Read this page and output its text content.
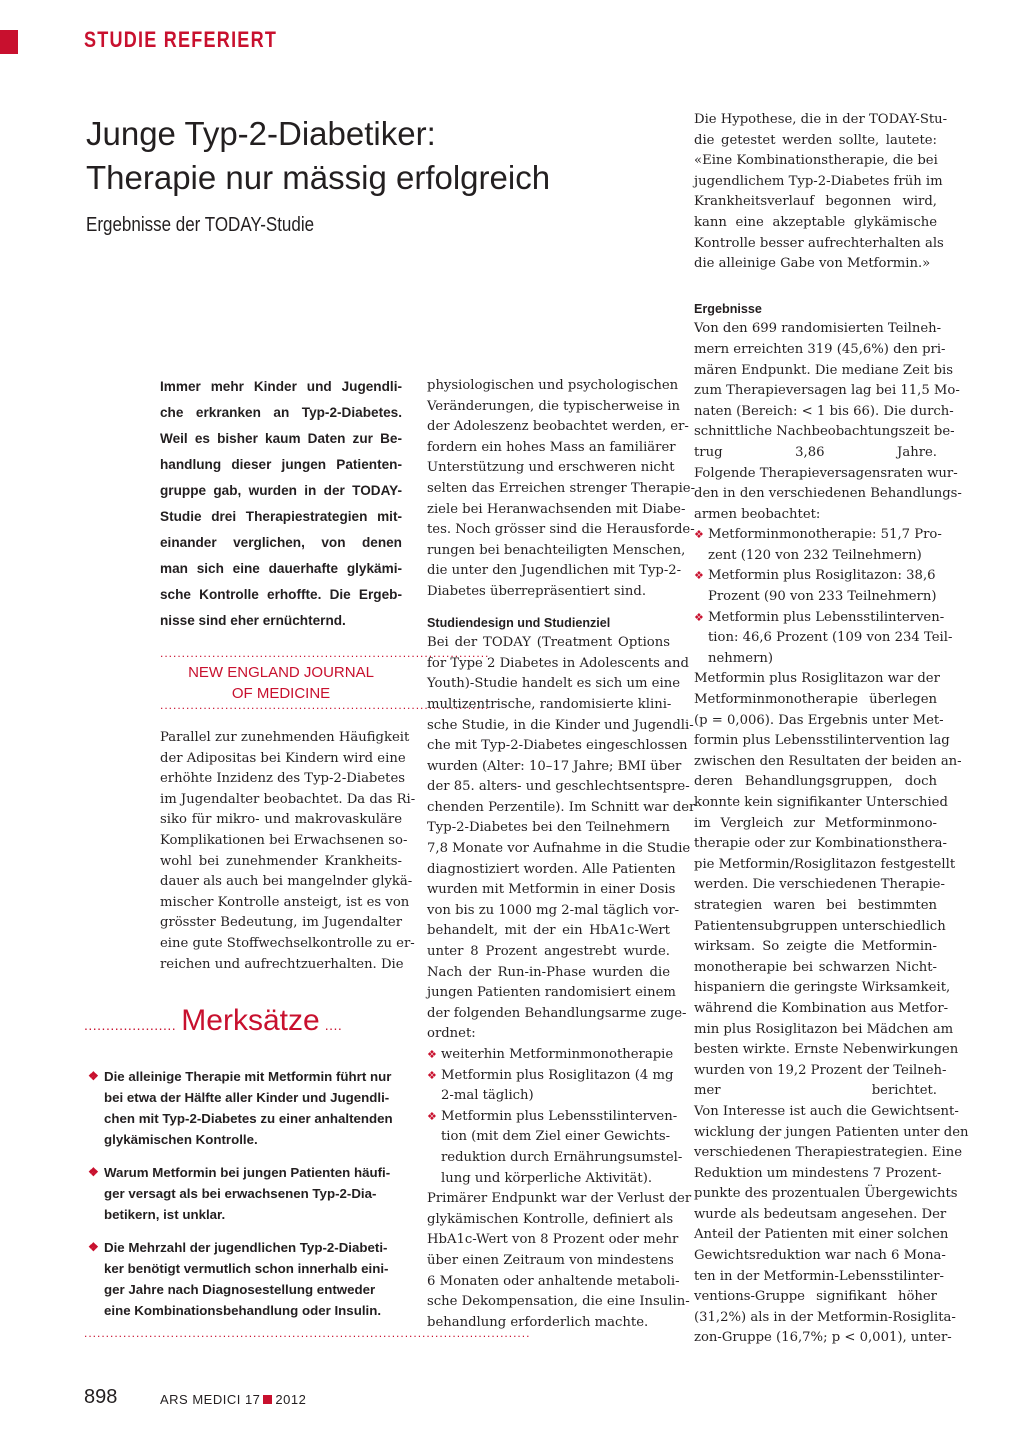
STUDIE REFERIERT
Junge Typ-2-Diabetiker:
Therapie nur mässig erfolgreich
Ergebnisse der TODAY-Studie
Immer mehr Kinder und Jugendli-
che erkranken an Typ-2-Diabetes.
Weil es bisher kaum Daten zur Be-
handlung dieser jungen Patienten-
gruppe gab, wurden in der TODAY-
Studie drei Therapiestrategien mit-
einander verglichen, von denen
man sich eine dauerhafte glykämi-
sche Kontrolle erhoffte. Die Ergeb-
nisse sind eher ernüchternd.
............................................................................
NEW ENGLAND JOURNAL
OF MEDICINE
............................................................................
Parallel zur zunehmenden Häufigkeit
der Adipositas bei Kindern wird eine
erhöhte Inzidenz des Typ-2-Diabetes
im Jugendalter beobachtet. Da das Ri-
siko für mikro- und makrovaskuläre
Komplikationen bei Erwachsenen so-
wohl bei zunehmender Krankheits-
dauer als auch bei mangelnder glykä-
mischer Kontrolle ansteigt, ist es von
grösster Bedeutung, im Jugendalter
eine gute Stoffwechselkontrolle zu er-
reichen und aufrechtzuerhalten. Die
..................... Merksätze ....
❖ Die alleinige Therapie mit Metformin führt nur
bei etwa der Hälfte aller Kinder und Jugendli-
chen mit Typ-2-Diabetes zu einer anhaltenden
glykämischen Kontrolle.
❖ Warum Metformin bei jungen Patienten häufi-
ger versagt als bei erwachsenen Typ-2-Dia-
betikern, ist unklar.
❖ Die Mehrzahl der jugendlichen Typ-2-Diabeti-
ker benötigt vermutlich schon innerhalb eini-
ger Jahre nach Diagnosestellung entweder
eine Kombinationsbehandlung oder Insulin.
.......................................................................................................
physiologischen und psychologischen
Veränderungen, die typischerweise in
der Adoleszenz beobachtet werden, er-
fordern ein hohes Mass an familiärer
Unterstützung und erschweren nicht
selten das Erreichen strenger Therapie-
ziele bei Heranwachsenden mit Diabe-
tes. Noch grösser sind die Herausforde-
rungen bei benachteiligten Menschen,
die unter den Jugendlichen mit Typ-2-
Diabetes überrepräsentiert sind.
Studiendesign und Studienziel
Bei der TODAY (Treatment Options
for Type 2 Diabetes in Adolescents and
Youth)-Studie handelt es sich um eine
multizentrische, randomisierte klini-
sche Studie, in die Kinder und Jugendli-
che mit Typ-2-Diabetes eingeschlossen
wurden (Alter: 10–17 Jahre; BMI über
der 85. alters- und geschlechtsentspre-
chenden Perzentile). Im Schnitt war der
Typ-2-Diabetes bei den Teilnehmern
7,8 Monate vor Aufnahme in die Studie
diagnostiziert worden. Alle Patienten
wurden mit Metformin in einer Dosis
von bis zu 1000 mg 2-mal täglich vor-
behandelt, mit der ein HbA1c-Wert
unter 8 Prozent angestrebt wurde.
Nach der Run-in-Phase wurden die
jungen Patienten randomisiert einem
der folgenden Behandlungsarme zuge-
ordnet:
❖ weiterhin Metforminmonotherapie
❖ Metformin plus Rosiglitazon (4 mg
2-mal täglich)
❖ Metformin plus Lebensstilinterven-
tion (mit dem Ziel einer Gewichts-
reduktion durch Ernährungsumstel-
lung und körperliche Aktivität).
Primärer Endpunkt war der Verlust der
glykämischen Kontrolle, definiert als
HbA1c-Wert von 8 Prozent oder mehr
über einen Zeitraum von mindestens
6 Monaten oder anhaltende metaboli-
sche Dekompensation, die eine Insulin-
behandlung erforderlich machte.
Die Hypothese, die in der TODAY-Stu-
die getestet werden sollte, lautete:
«Eine Kombinationstherapie, die bei
jugendlichem Typ-2-Diabetes früh im
Krankheitsverlauf begonnen wird,
kann eine akzeptable glykämische
Kontrolle besser aufrechterhalten als
die alleinige Gabe von Metformin.»
Ergebnisse
Von den 699 randomisierten Teilneh-
mern erreichten 319 (45,6%) den pri-
mären Endpunkt. Die mediane Zeit bis
zum Therapieversagen lag bei 11,5 Mo-
naten (Bereich: < 1 bis 66). Die durch-
schnittliche Nachbeobachtungszeit be-
trug 3,86 Jahre.
Folgende Therapieversagensraten wur-
den in den verschiedenen Behandlungs-
armen beobachtet:
❖ Metforminmonotherapie: 51,7 Pro-
zent (120 von 232 Teilnehmern)
❖ Metformin plus Rosiglitazon: 38,6
Prozent (90 von 233 Teilnehmern)
❖ Metformin plus Lebensstilinterven-
tion: 46,6 Prozent (109 von 234 Teil-
nehmern)
Metformin plus Rosiglitazon war der
Metforminmonotherapie überlegen
(p = 0,006). Das Ergebnis unter Met-
formin plus Lebensstilintervention lag
zwischen den Resultaten der beiden an-
deren Behandlungsgruppen, doch
konnte kein signifikanter Unterschied
im Vergleich zur Metforminmono-
therapie oder zur Kombinationsthera-
pie Metformin/Rosiglitazon festgestellt
werden. Die verschiedenen Therapie-
strategien waren bei bestimmten
Patientensubgruppen unterschiedlich
wirksam. So zeigte die Metformin-
monotherapie bei schwarzen Nicht-
hispaniern die geringste Wirksamkeit,
während die Kombination aus Metfor-
min plus Rosiglitazon bei Mädchen am
besten wirkte. Ernste Nebenwirkungen
wurden von 19,2 Prozent der Teilneh-
mer berichtet.
Von Interesse ist auch die Gewichtsent-
wicklung der jungen Patienten unter den
verschiedenen Therapiestrategien. Eine
Reduktion um mindestens 7 Prozent-
punkte des prozentualen Übergewichts
wurde als bedeutsam angesehen. Der
Anteil der Patienten mit einer solchen
Gewichtsreduktion war nach 6 Mona-
ten in der Metformin-Lebensstilinter-
ventions-Gruppe signifikant höher
(31,2%) als in der Metformin-Rosiglita-
zon-Gruppe (16,7%; p < 0,001), unter-
898	ARS MEDICI 17 2012
